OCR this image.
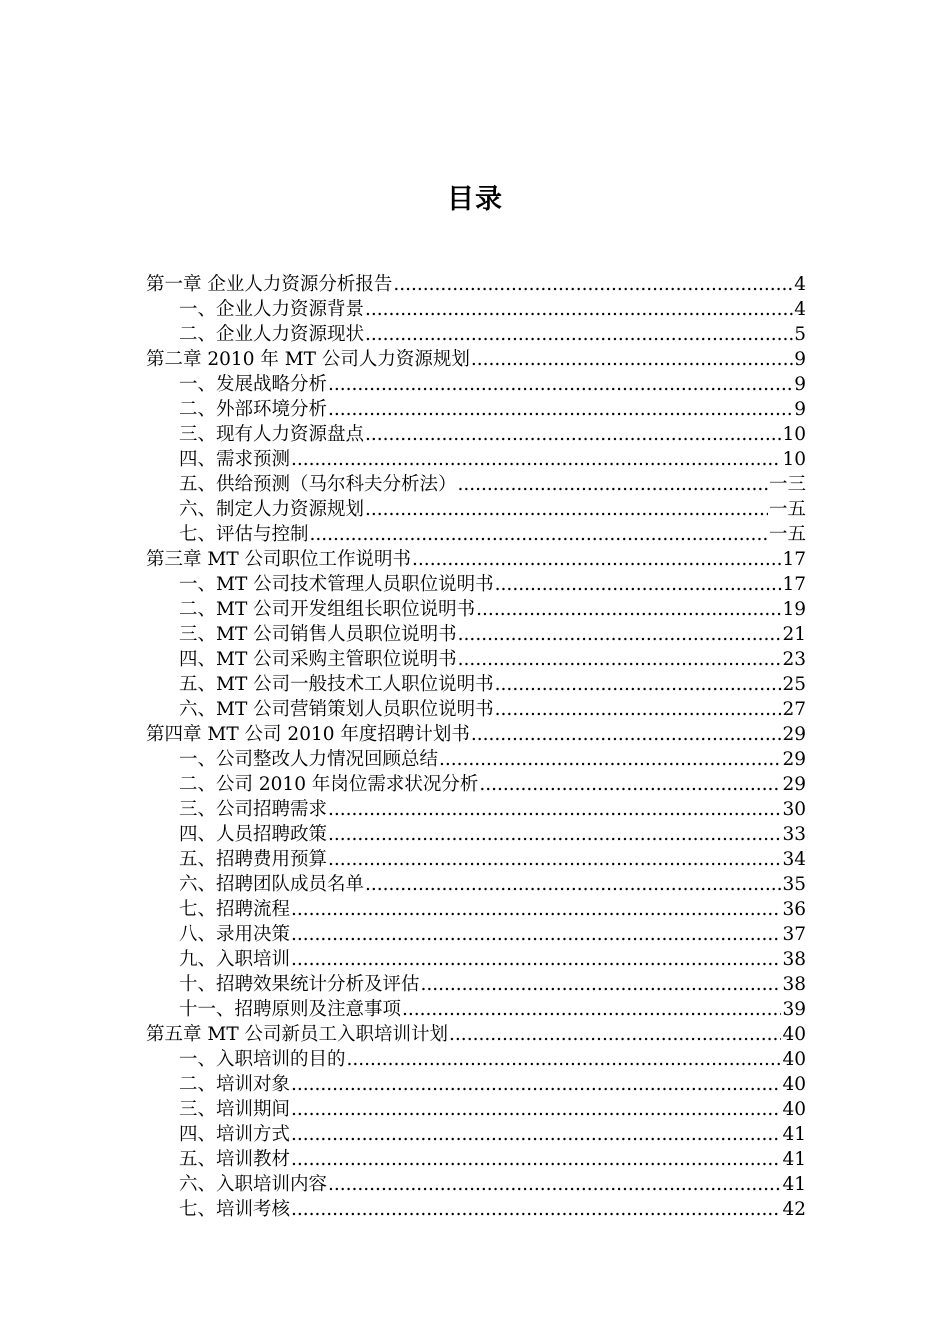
目录
第一章 企业人力资源分析报告 .....	4
一、企业人力资源背景 .....	4
二、企业人力资源现状 .....	5
第二章 2010 年 MT 公司人力资源规划 .....	9
一、发展战略分析 .....	9
二、外部环境分析 .....	9
三、现有人力资源盘点 .....	10
四、需求预测 .....	10
五、供给预测（马尔科夫分析法） .....	一三
六、制定人力资源规划 .....	一五
七、评估与控制 .....	一五
第三章 MT 公司职位工作说明书 .....	17
一、MT 公司技术管理人员职位说明书 .....	17
二、MT 公司开发组组长职位说明书 .....	19
三、MT 公司销售人员职位说明书 .....	21
四、MT 公司采购主管职位说明书 .....	23
五、MT 公司一般技术工人职位说明书 .....	25
六、MT 公司营销策划人员职位说明书 .....	27
第四章 MT 公司 2010 年度招聘计划书 .....	29
一、公司整改人力情况回顾总结 .....	29
二、公司 2010 年岗位需求状况分析 .....	29
三、公司招聘需求 .....	30
四、人员招聘政策 .....	33
五、招聘费用预算 .....	34
六、招聘团队成员名单 .....	35
七、招聘流程 .....	36
八、录用决策 .....	37
九、入职培训 .....	38
十、招聘效果统计分析及评估 .....	38
十一、招聘原则及注意事项 .....	39
第五章 MT 公司新员工入职培训计划 .....	40
一、入职培训的目的 .....	40
二、培训对象 .....	40
三、培训期间 .....	40
四、培训方式 .....	41
五、培训教材 .....	41
六、入职培训内容 .....	41
七、培训考核 .....	42
